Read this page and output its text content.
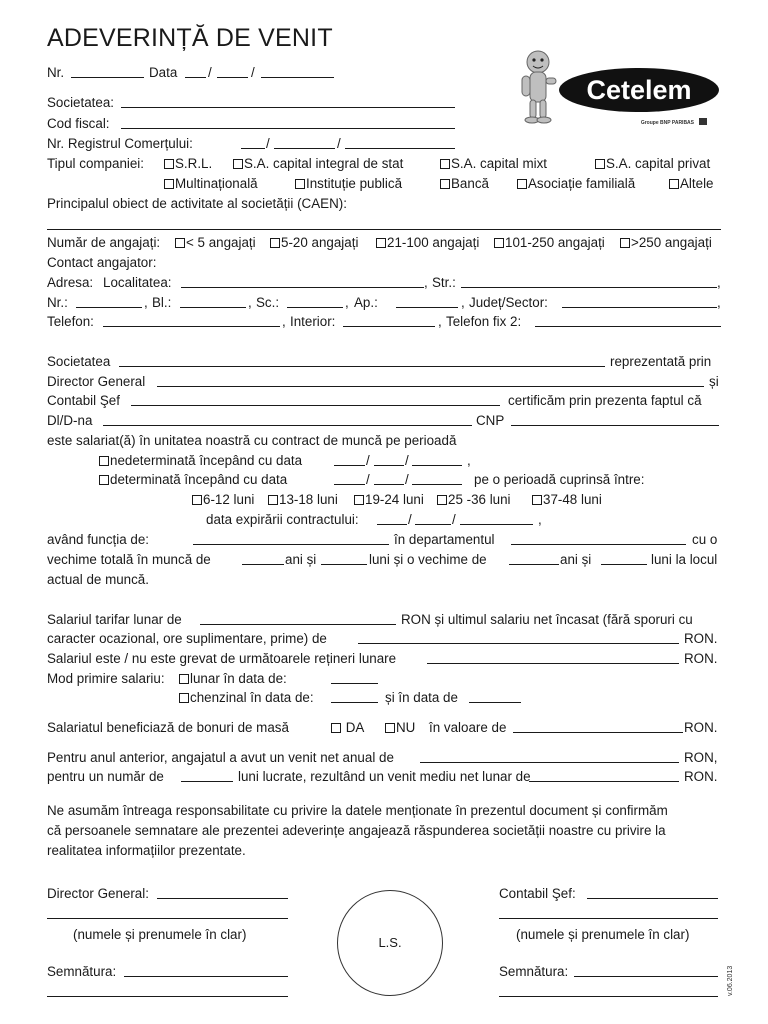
ADEVERINȚĂ DE VENIT
Cetelem
Groupe BNP PARIBAS
Nr.	Data /	/
Societatea:
Cod fiscal:
Nr. Registrul Comerțului:	/	/
Tipul companiei:	S.R.L.	S.A. capital integral de stat	S.A. capital mixt	S.A. capital privat
Multinațională	Instituție publică	Bancă	Asociație familială	Altele
Principalul obiect de activitate al societății (CAEN):
Număr de angajați:	< 5 angajați	5-20 angajați	21-100 angajați	101-250 angajați	>250 angajați
Contact angajator:
Adresa: Localitatea:	, Str.:	,
Nr.:	, Bl.:	, Sc.:	, Ap.:	, Județ/Sector:	,
Telefon:	, Interior:	, Telefon fix 2:
Societatea	reprezentată prin
Director General	și
Contabil Şef	certificăm prin prezenta faptul că
Dl/D-na	CNP
este salariat(ă) în unitatea noastră cu contract de muncă pe perioadă
nedeterminată începând cu data	/	/	,
determinată începând cu data	/	/	pe o perioadă cuprinsă între:
6-12 luni	13-18 luni	19-24 luni	25 -36 luni	37-48 luni
data expirării contractului:	/	/	,
având funcția de:	în departamentul	cu o
vechime totală în muncă de	ani și	luni și o vechime de	ani și	luni la locul
actual de muncă.
Salariul tarifar lunar de	RON și ultimul salariu net încasat (fără sporuri cu
caracter ocazional, ore suplimentare, prime) de	RON.
Salariul este / nu este grevat de următoarele rețineri lunare	RON.
Mod primire salariu:	lunar în data de:
chenzinal în data de:	și în data de
Salariatul beneficiază de bonuri de masă	DA	NU în valoare de	RON.
Pentru anul anterior, angajatul a avut un venit net anual de	RON,
pentru un număr de	luni lucrate, rezultând un venit mediu net lunar de	RON.
Ne asumăm întreaga responsabilitate cu privire la datele menționate în prezentul document și confirmăm
că persoanele semnatare ale prezentei adeverințe angajează răspunderea societății noastre cu privire la
realitatea informațiilor prezentate.
Director General:
(numele și prenumele în clar)
Semnătura:
L.S.
Contabil Şef:
(numele și prenumele în clar)
Semnătura:	v.06.2013
